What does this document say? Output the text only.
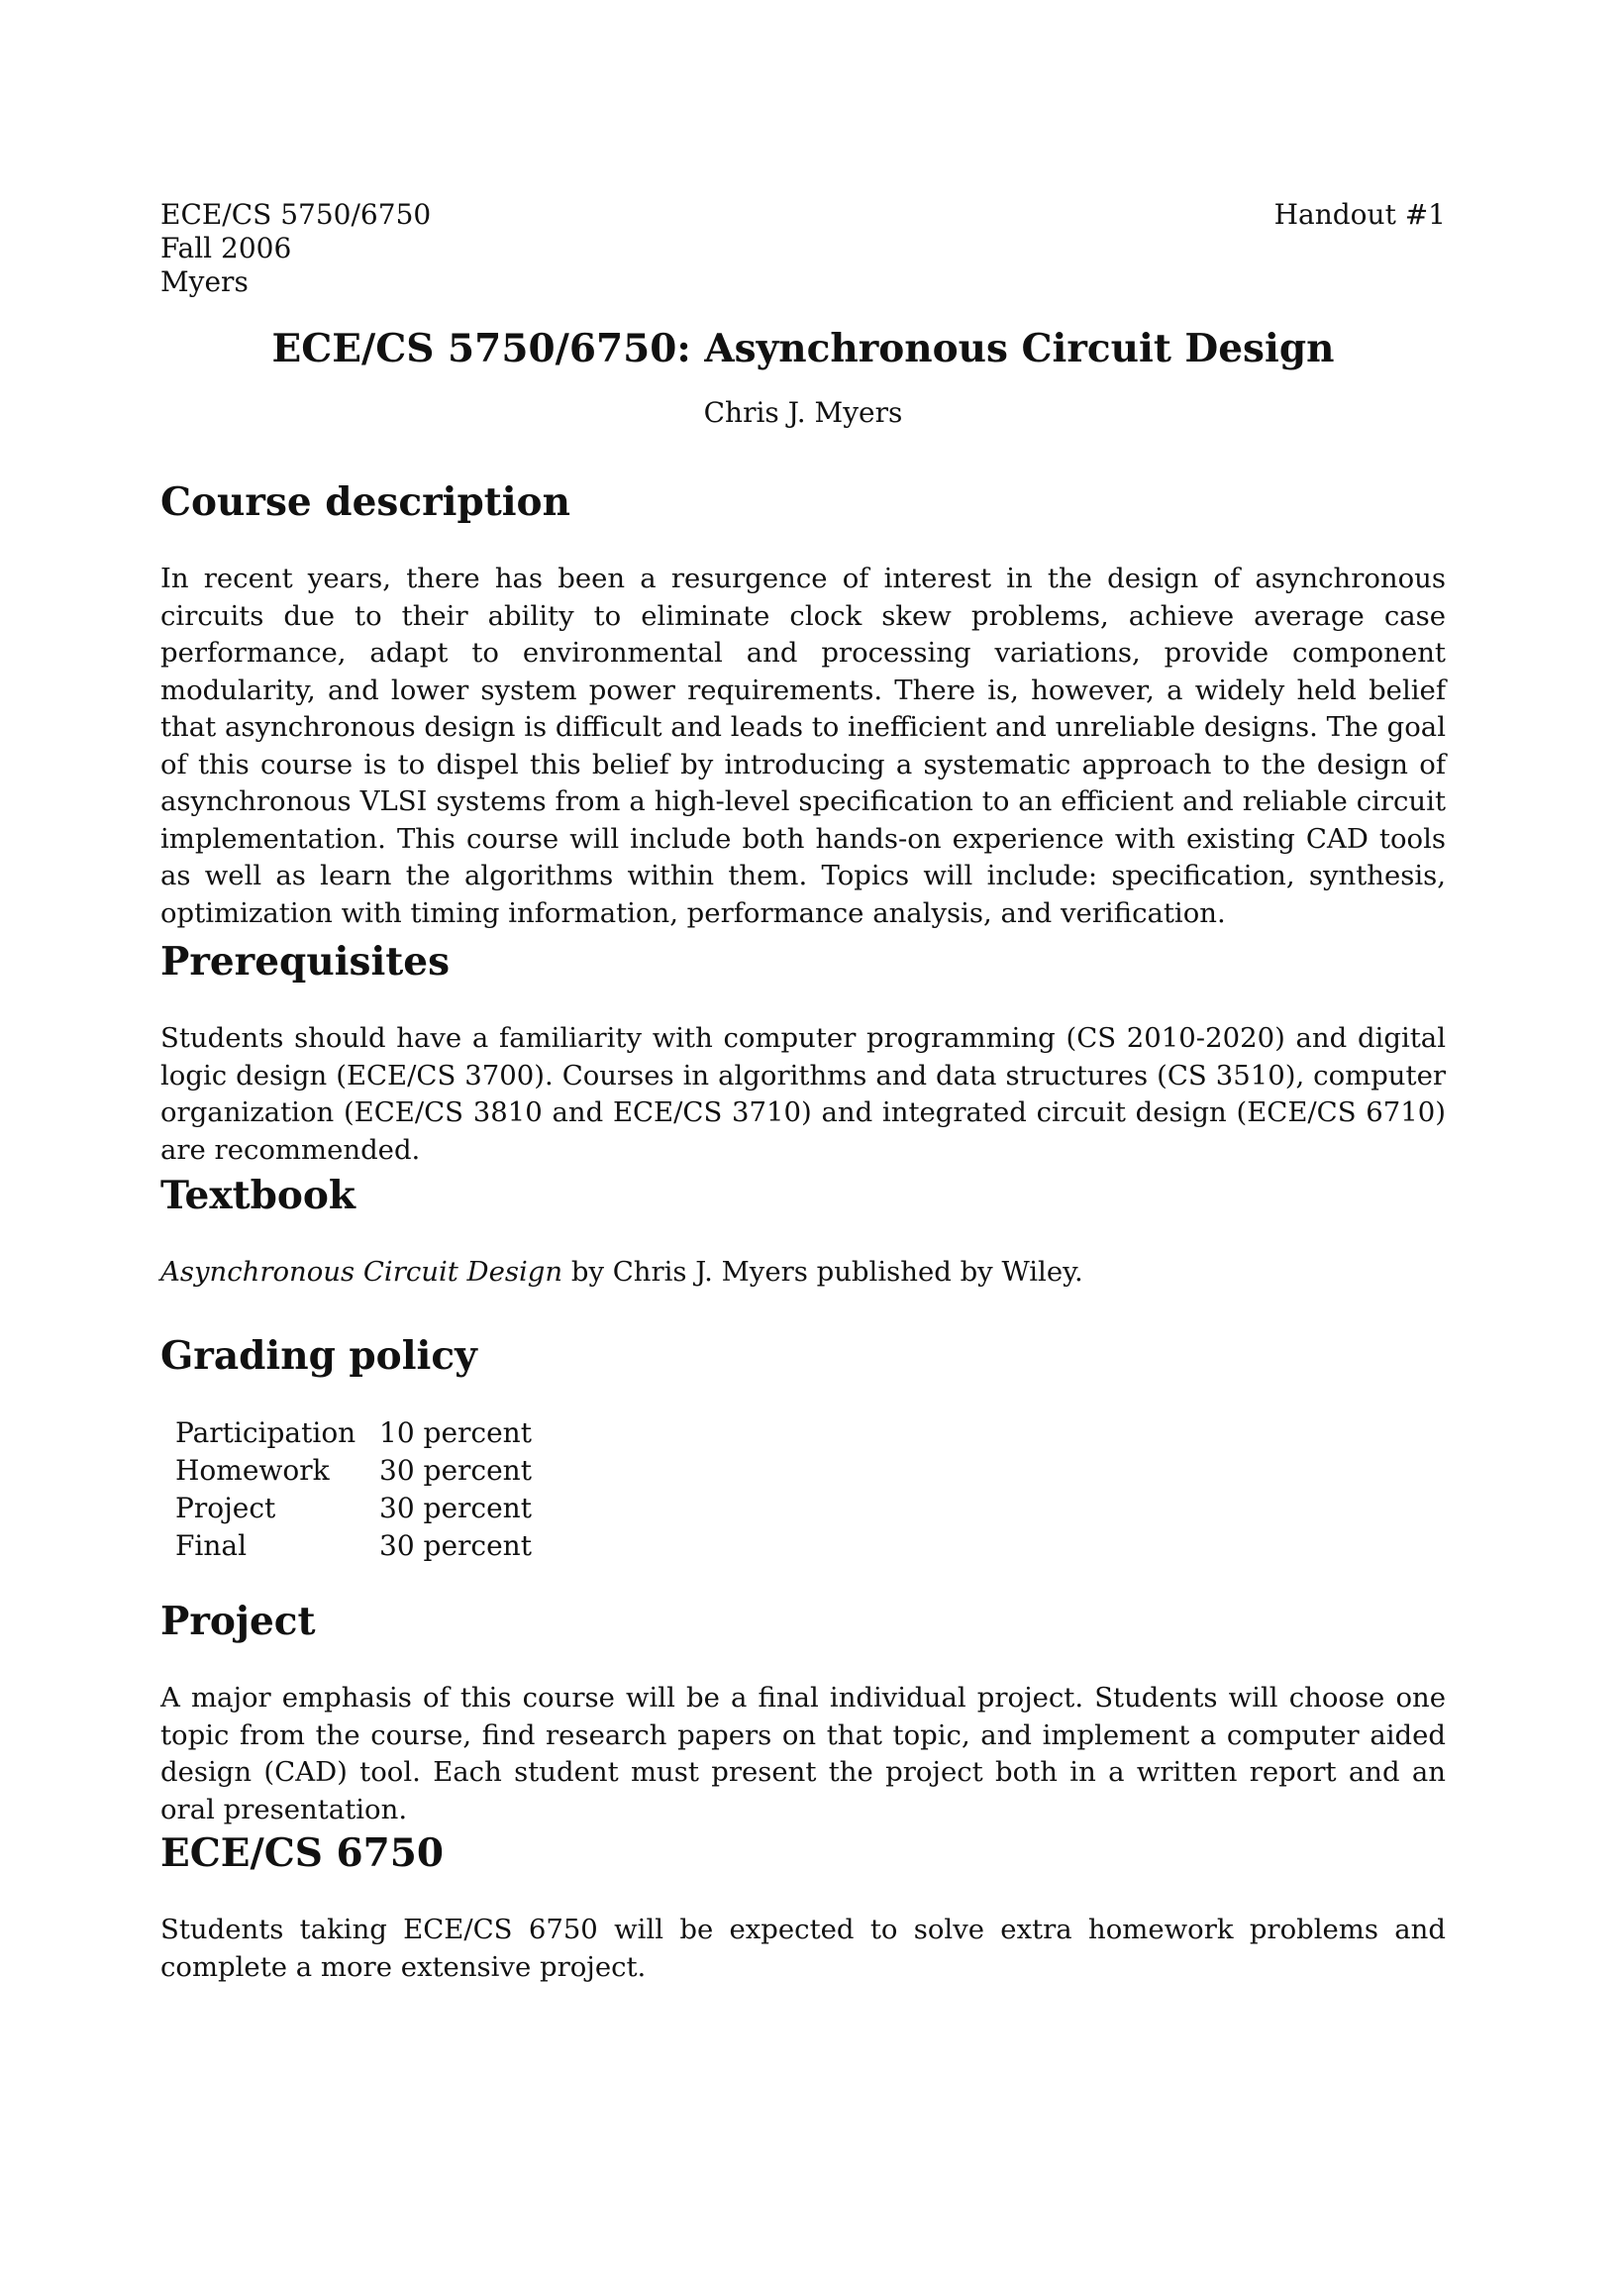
ECE/CS 5750/6750
Fall 2006
Myers
Handout #1
ECE/CS 5750/6750: Asynchronous Circuit Design
Chris J. Myers
Course description

In recent years, there has been a resurgence of interest in the design of asynchronous circuits due to their ability to eliminate clock skew problems, achieve average case performance, adapt to environmental and processing variations, provide component modularity, and lower system power requirements. There is, however, a widely held belief that asynchronous design is difficult and leads to inefficient and unreliable designs. The goal of this course is to dispel this belief by introducing a systematic approach to the design of asynchronous VLSI systems from a high-level specification to an efficient and reliable circuit implementation. This course will include both hands-on experience with existing CAD tools as well as learn the algorithms within them. Topics will include: specification, synthesis, optimization with timing information, performance analysis, and verification.

Prerequisites

Students should have a familiarity with computer programming (CS 2010-2020) and digital logic design (ECE/CS 3700). Courses in algorithms and data structures (CS 3510), computer organization (ECE/CS 3810 and ECE/CS 3710) and integrated circuit design (ECE/CS 6710) are recommended.

Textbook

Asynchronous Circuit Design by Chris J. Myers published by Wiley.

Grading policy
Participation	10 percent
Homework	30 percent
Project	30 percent
Final	30 percent
Project

A major emphasis of this course will be a final individual project. Students will choose one topic from the course, find research papers on that topic, and implement a computer aided design (CAD) tool. Each student must present the project both in a written report and an oral presentation.

ECE/CS 6750

Students taking ECE/CS 6750 will be expected to solve extra homework problems and complete a more extensive project.
